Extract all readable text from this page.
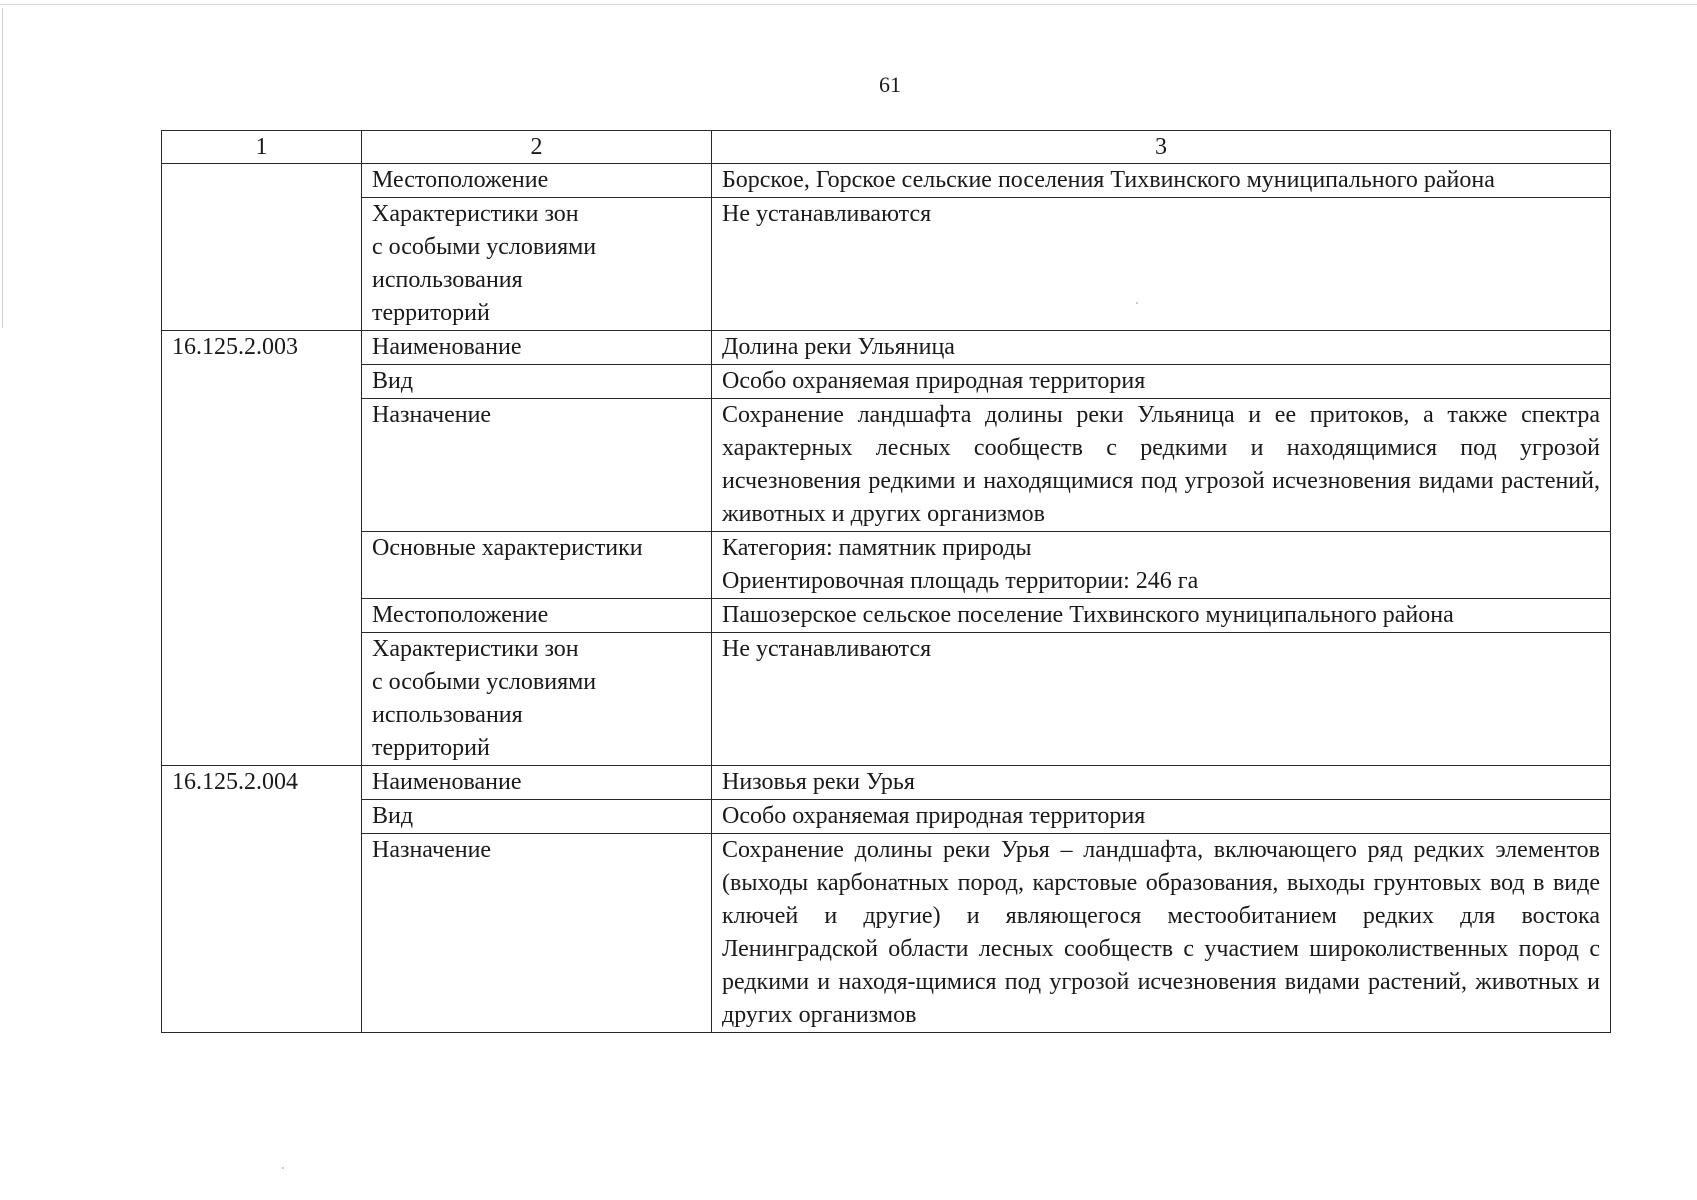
61
1	2	3
	Местоположение	Борское, Горское сельские поселения Тихвинского муниципального района

	Характеристики зон
с особыми условиями
использования
территорий	Не устанавливаются
16.125.2.003	Наименование	Долина реки Ульяница
	Вид	Особо охраняемая природная территория
	Назначение	Сохранение ландшафта долины реки Ульяница и ее притоков, а также спектра характерных лесных сообществ с редкими и находящимися под угрозой исчезновения редкими и находящимися под угрозой исчезновения видами растений, животных и других организмов
	Основные характеристики	Категория: памятник природы
Ориентировочная площадь территории: 246 га

	Местоположение	Пашозерское сельское поселение Тихвинского муниципального района

	Характеристики зон
с особыми условиями
использования
территорий	Не устанавливаются
16.125.2.004	Наименование	Низовья реки Урья
	Вид	Особо охраняемая природная территория
	Назначение	Сохранение долины реки Урья – ландшафта, включающего ряд редких элементов (выходы карбонатных пород, карстовые образования, выходы грунтовых вод в виде ключей и другие) и являющегося местообитанием редких для востока Ленинградской области лесных сообществ с участием широколиственных пород с редкими и находя-щимися под угрозой исчезновения видами растений, животных и других организмов
